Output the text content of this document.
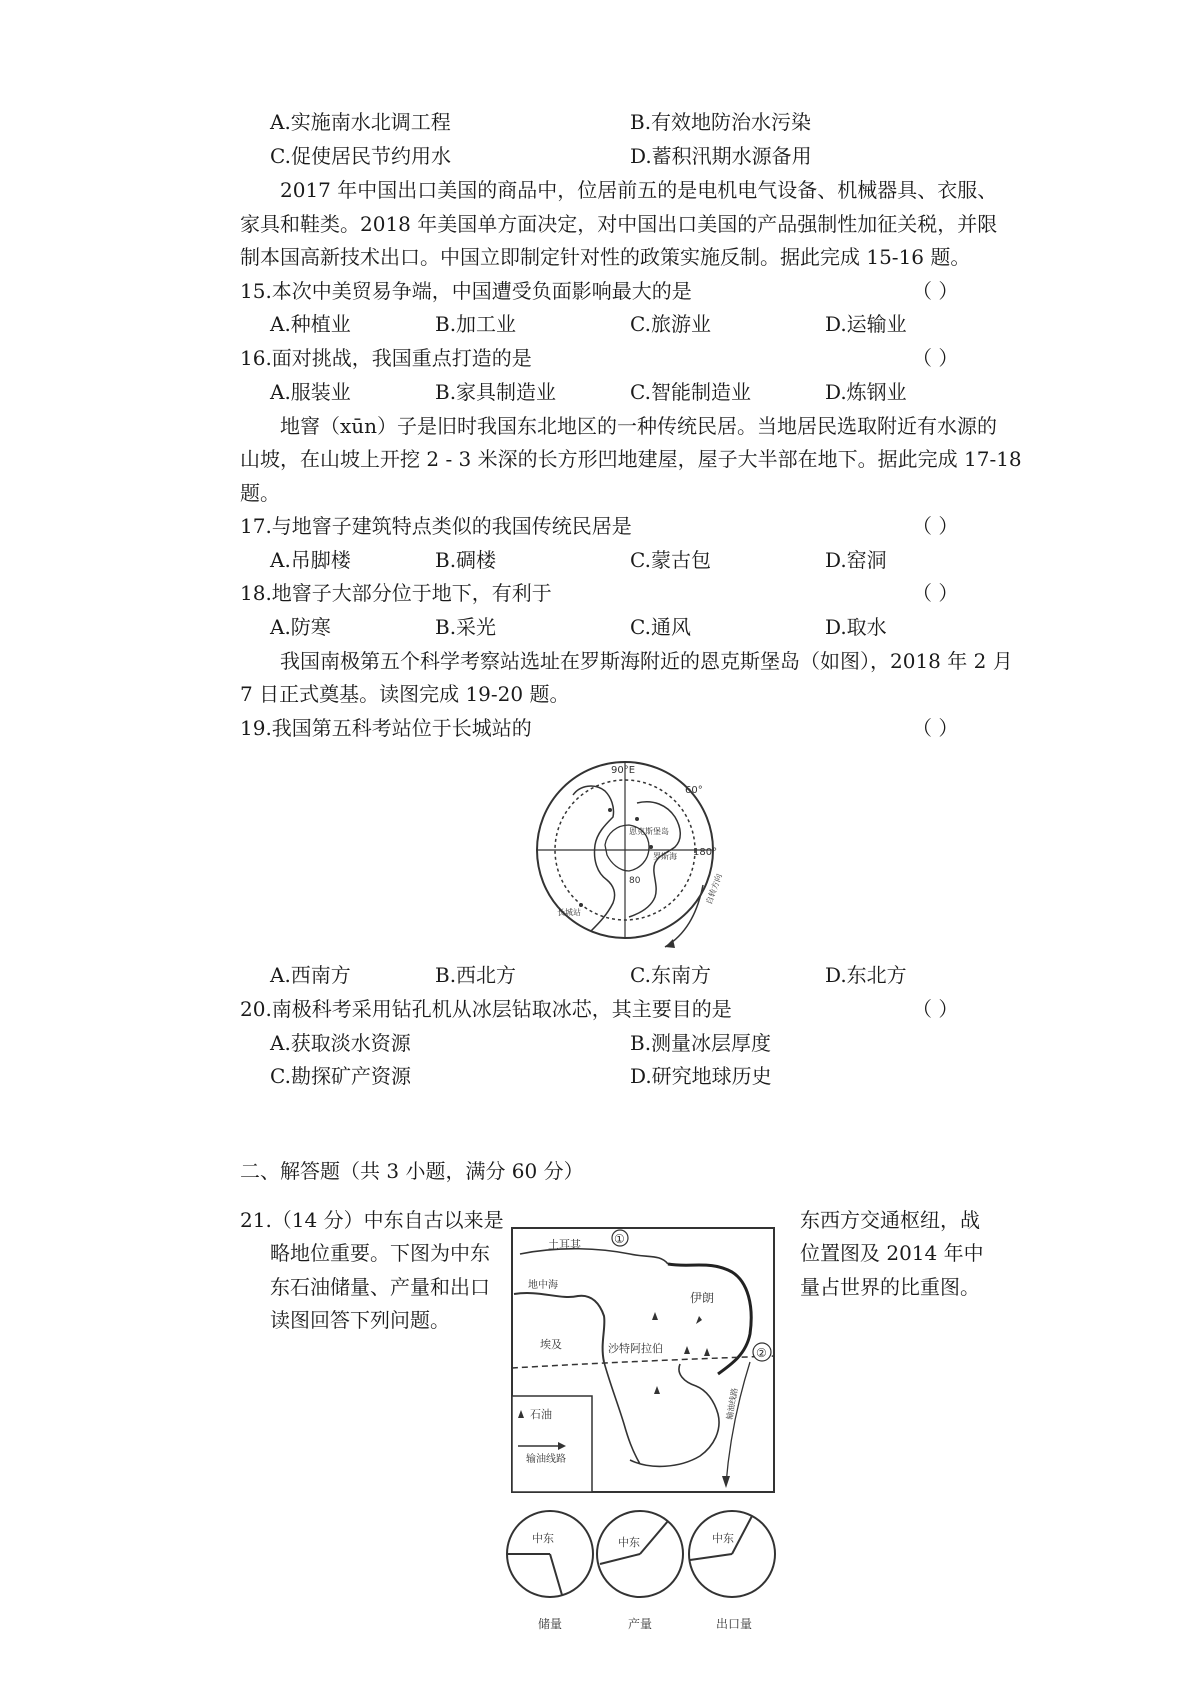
A.实施南水北调工程	B.有效地防治水污染
C.促使居民节约用水	D.蓄积汛期水源备用
2017 年中国出口美国的商品中，位居前五的是电机电气设备、机械器具、衣服、
家具和鞋类。2018 年美国单方面决定，对中国出口美国的产品强制性加征关税，并限
制本国高新技术出口。中国立即制定针对性的政策实施反制。据此完成 15-16 题。
15.本次中美贸易争端，中国遭受负面影响最大的是	（ ）
A.种植业	B.加工业	C.旅游业	D.运输业
16.面对挑战，我国重点打造的是	（ ）
A.服装业	B.家具制造业	C.智能制造业	D.炼钢业
地窨（xūn）子是旧时我国东北地区的一种传统民居。当地居民选取附近有水源的
山坡，在山坡上开挖 2 - 3 米深的长方形凹地建屋，屋子大半部在地下。据此完成 17-18
题。
17.与地窨子建筑特点类似的我国传统民居是	（ ）
A.吊脚楼	B.碉楼	C.蒙古包	D.窑洞
18.地窨子大部分位于地下，有利于	（ ）
A.防寒	B.采光	C.通风	D.取水
我国南极第五个科学考察站选址在罗斯海附近的恩克斯堡岛（如图），2018 年 2 月
7 日正式奠基。读图完成 19-20 题。
19.我国第五科考站位于长城站的	（ ）
90°E
60°
180°
80
恩克斯堡岛
罗斯海
长城站
自转方向
A.西南方	B.西北方	C.东南方	D.东北方
20.南极科考采用钻孔机从冰层钻取冰芯，其主要目的是	（ ）
A.获取淡水资源	B.测量冰层厚度
C.勘探矿产资源	D.研究地球历史
二、解答题（共 3 小题，满分 60 分）
21.（14 分）中东自古以来是
略地位重要。下图为中东
东石油储量、产量和出口
读图回答下列问题。
东西方交通枢纽，战
位置图及 2014 年中
量占世界的比重图。
①
②
土耳其
伊朗
地中海
埃及	沙特阿拉伯
输油线路
石油
输油线路
中东
储量
中东
产量
中东
出口量
